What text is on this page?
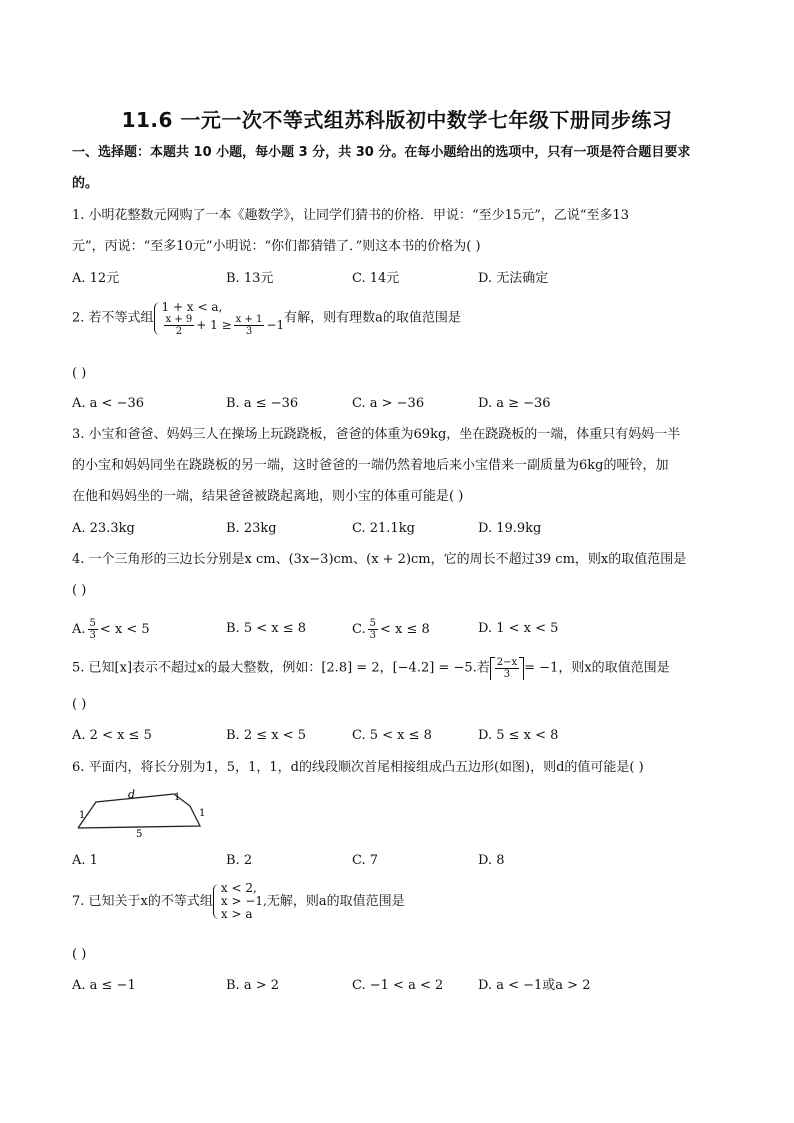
11.6 一元一次不等式组苏科版初中数学七年级下册同步练习
一、选择题：本题共 10 小题，每小题 3 分，共 30 分。在每小题给出的选项中，只有一项是符合题目要求
的。
1. 小明花整数元网购了一本《趣数学》，让同学们猜书的价格．甲说：“至少15元”，乙说“至多13
元”，丙说：“至多10元”小明说：“你们都猜错了．”则这本书的价格为( )
A. 12元	B. 13元	C. 14元	D. 无法确定
2. 若不等式组
1 + x < a,
$\frac{x + 9}{2} + 1 \ge \frac{x + 1}{3} -1$ 有解，则有理数a的取值范围是
( )
A. a < −36	B. a ≤ −36	C. a > −36	D. a ≥ −36
3. 小宝和爸爸、妈妈三人在操场上玩跷跷板，爸爸的体重为69kg，坐在跷跷板的一端，体重只有妈妈一半
的小宝和妈妈同坐在跷跷板的另一端，这时爸爸的一端仍然着地后来小宝借来一副质量为6kg的哑铃，加
在他和妈妈坐的一端，结果爸爸被跷起离地，则小宝的体重可能是( )
A. 23.3kg	B. 23kg	C. 21.1kg	D. 19.9kg
4. 一个三角形的三边长分别是x cm、(3x−3)cm、(x + 2)cm，它的周长不超过39 cm，则x的取值范围是
( )
A. $\frac{5}{3} < x < 5$	B. 5 < x ≤ 8	C. $\frac{5}{3} < x \le 8$	D. 1 < x < 5
5. 已知[x]表示不超过x的最大整数，例如：[2.8] = 2，[−4.2] = −5.若 $\frac{2-x}{3} = -1$，则x的取值范围是
( )
A. 2 < x ≤ 5	B. 2 ≤ x < 5	C. 5 < x ≤ 8	D. 5 ≤ x < 8
6. 平面内，将长分别为1，5，1，1，d的线段顺次首尾相接组成凸五边形(如图)，则d的值可能是( )
d	1
1	1
5
A. 1	B. 2	C. 7	D. 8
7. 已知关于x的不等式组
x < 2,
x > −1,
x > a
无解，则a的取值范围是
( )
A. a ≤ −1	B. a > 2	C. −1 < a < 2	D. a < −1或a > 2
